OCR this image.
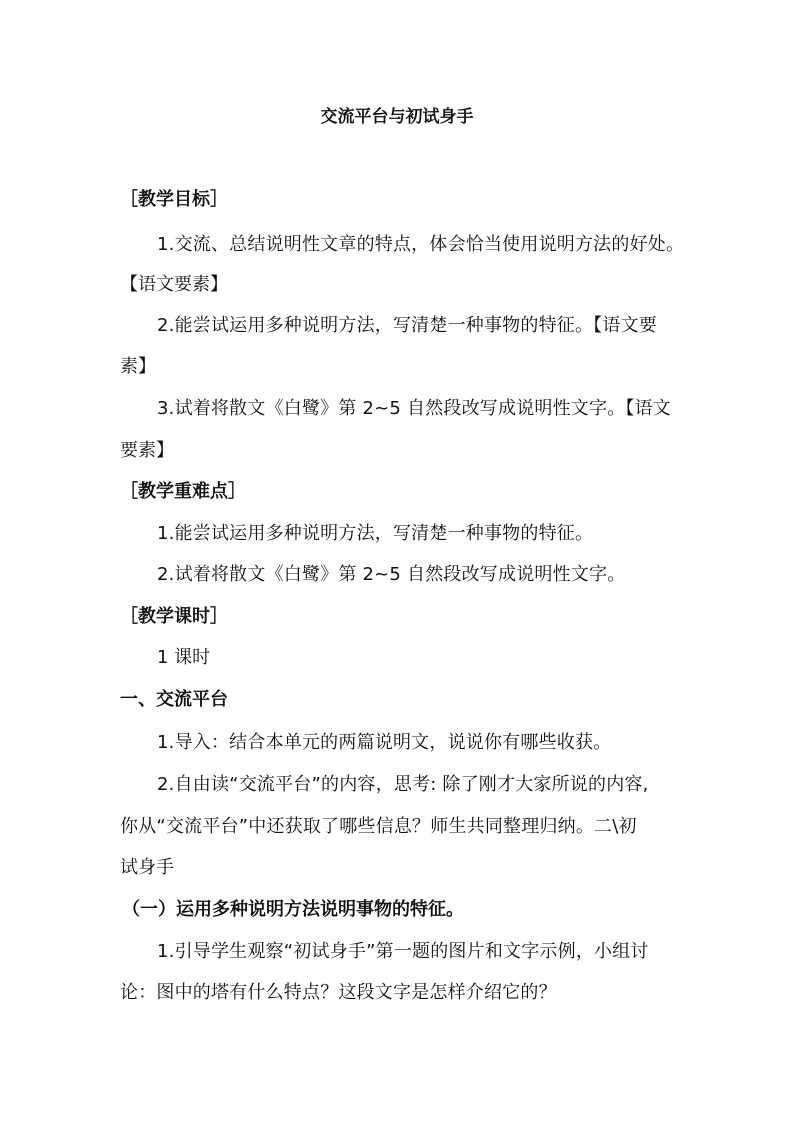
交流平台与初试身手
［教学目标］
1.交流、总结说明性文章的特点，体会恰当使用说明方法的好处。
【语文要素】
2.能尝试运用多种说明方法，写清楚一种事物的特征。【语文要
素】
3.试着将散文《白鹭》第 2~5 自然段改写成说明性文字。【语文
要素】
［教学重难点］
1.能尝试运用多种说明方法，写清楚一种事物的特征。
2.试着将散文《白鹭》第 2~5 自然段改写成说明性文字。
［教学课时］
1 课时
一、交流平台
1.导入：结合本单元的两篇说明文，说说你有哪些收获。
2.自由读“交流平台”的内容，思考: 除了刚才大家所说的内容,
你从“交流平台”中还获取了哪些信息？师生共同整理归纳。二\初
试身手
（一）运用多种说明方法说明事物的特征。
1.引导学生观察“初试身手”第一题的图片和文字示例，小组讨
论：图中的塔有什么特点？这段文字是怎样介绍它的？
